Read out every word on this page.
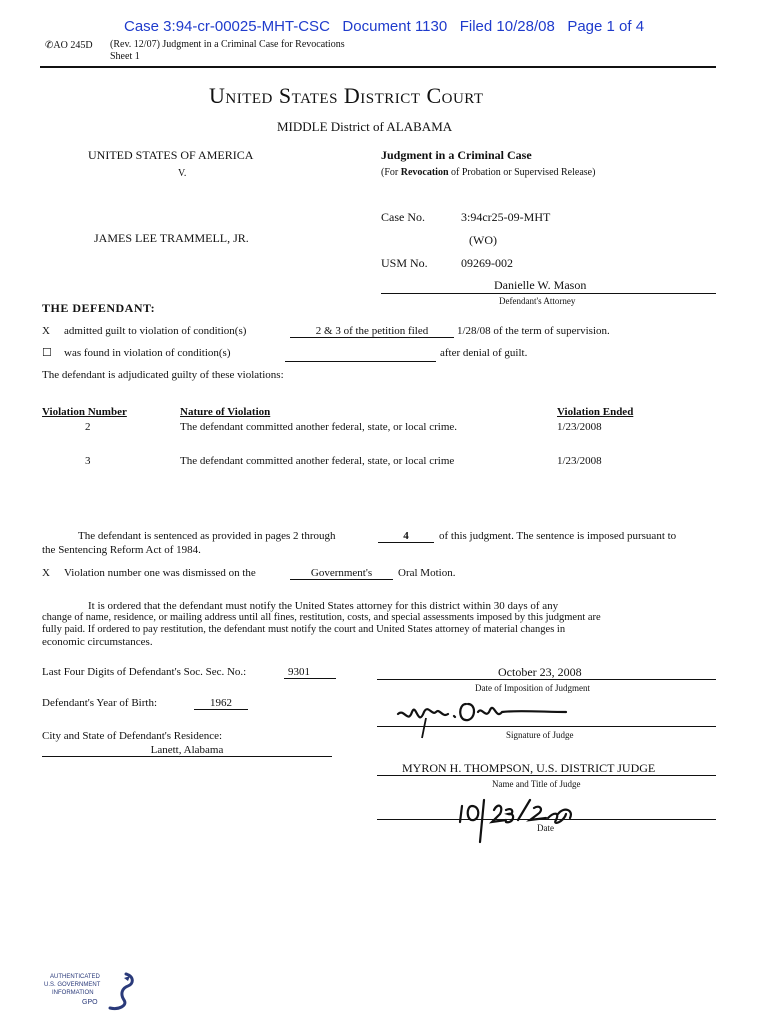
Case 3:94-cr-00025-MHT-CSC Document 1130 Filed 10/28/08 Page 1 of 4
✆AO 245D (Rev. 12/07) Judgment in a Criminal Case for Revocations
Sheet 1
United States District Court
MIDDLE District of ALABAMA
UNITED STATES OF AMERICA
V.
JAMES LEE TRAMMELL, JR.
Judgment in a Criminal Case
(For Revocation of Probation or Supervised Release)
Case No.	3:94cr25-09-MHT
(WO)
USM No.	09269-002
Danielle W. Mason
Defendant's Attorney
THE DEFENDANT:
X admitted guilt to violation of condition(s)	2 & 3 of the petition filed	1/28/08 of the term of supervision.
☐ was found in violation of condition(s)	after denial of guilt.
The defendant is adjudicated guilty of these violations:
Violation Number	Nature of Violation	Violation Ended
2	The defendant committed another federal, state, or local crime.	1/23/2008
3	The defendant committed another federal, state, or local crime	1/23/2008
The defendant is sentenced as provided in pages 2 through	4	of this judgment. The sentence is imposed pursuant to
the Sentencing Reform Act of 1984.
X Violation number one was dismissed on the	Government's	Oral Motion.
It is ordered that the defendant must notify the United States attorney for this district within 30 days of any
change of name, residence, or mailing address until all fines, restitution, costs, and special assessments imposed by this judgment are
fully paid. If ordered to pay restitution, the defendant must notify the court and United States attorney of material changes in
economic circumstances.
Last Four Digits of Defendant's Soc. Sec. No.:	9301
Defendant's Year of Birth:	1962
City and State of Defendant's Residence:
Lanett, Alabama
October 23, 2008
Date of Imposition of Judgment
Signature of Judge
MYRON H. THOMPSON, U.S. DISTRICT JUDGE
Name and Title of Judge
Date
AUTHENTICATED
U.S. GOVERNMENT
INFORMATION
GPO
